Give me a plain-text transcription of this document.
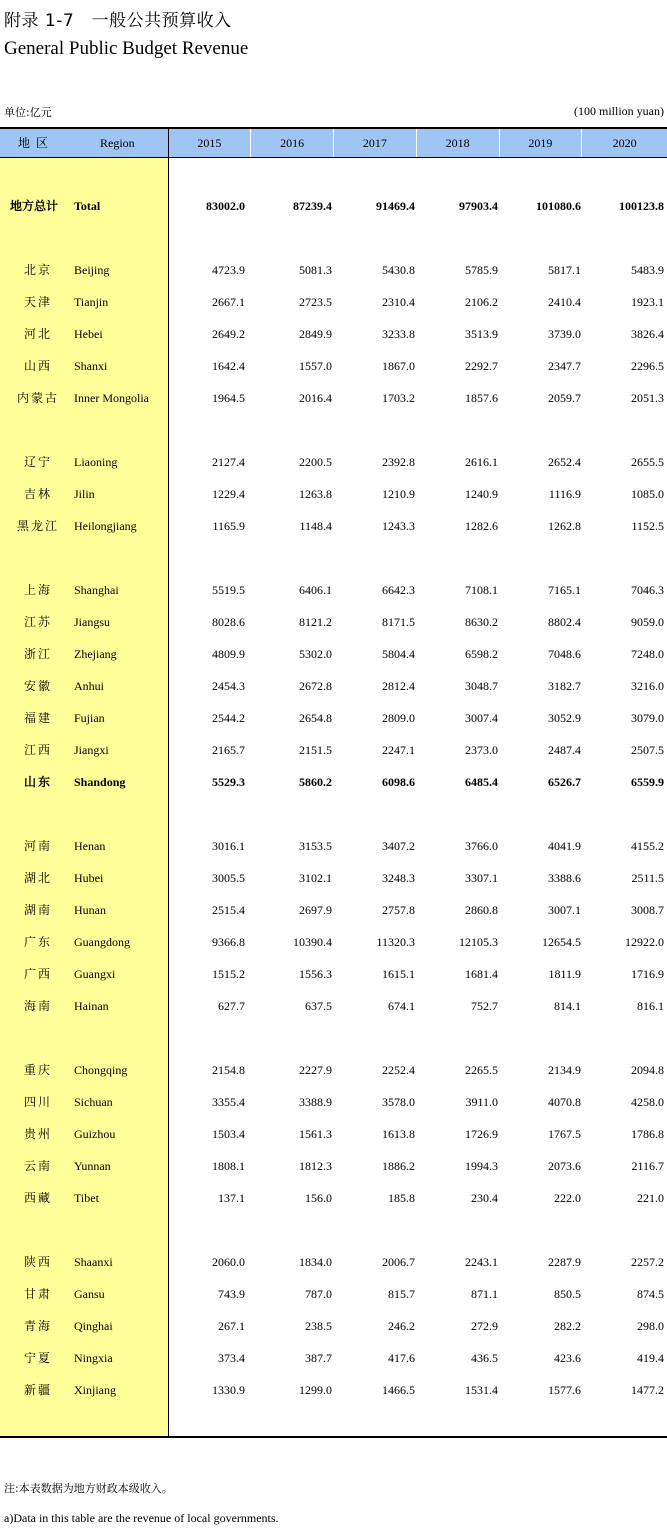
附录 1-7　一般公共预算收入
General Public Budget Revenue
单位:亿元	(100 million yuan)
地区	Region	2015	2016	2017	2018	2019	2020
地方总计	Total	83002.0	87239.4	91469.4	97903.4	101080.6	100123.8
北京	Beijing	4723.9	5081.3	5430.8	5785.9	5817.1	5483.9
天津	Tianjin	2667.1	2723.5	2310.4	2106.2	2410.4	1923.1
河北	Hebei	2649.2	2849.9	3233.8	3513.9	3739.0	3826.4
山西	Shanxi	1642.4	1557.0	1867.0	2292.7	2347.7	2296.5
内蒙古	Inner Mongolia	1964.5	2016.4	1703.2	1857.6	2059.7	2051.3
辽宁	Liaoning	2127.4	2200.5	2392.8	2616.1	2652.4	2655.5
吉林	Jilin	1229.4	1263.8	1210.9	1240.9	1116.9	1085.0
黑龙江	Heilongjiang	1165.9	1148.4	1243.3	1282.6	1262.8	1152.5
上海	Shanghai	5519.5	6406.1	6642.3	7108.1	7165.1	7046.3
江苏	Jiangsu	8028.6	8121.2	8171.5	8630.2	8802.4	9059.0
浙江	Zhejiang	4809.9	5302.0	5804.4	6598.2	7048.6	7248.0
安徽	Anhui	2454.3	2672.8	2812.4	3048.7	3182.7	3216.0
福建	Fujian	2544.2	2654.8	2809.0	3007.4	3052.9	3079.0
江西	Jiangxi	2165.7	2151.5	2247.1	2373.0	2487.4	2507.5
山东	Shandong	5529.3	5860.2	6098.6	6485.4	6526.7	6559.9
河南	Henan	3016.1	3153.5	3407.2	3766.0	4041.9	4155.2
湖北	Hubei	3005.5	3102.1	3248.3	3307.1	3388.6	2511.5
湖南	Hunan	2515.4	2697.9	2757.8	2860.8	3007.1	3008.7
广东	Guangdong	9366.8	10390.4	11320.3	12105.3	12654.5	12922.0
广西	Guangxi	1515.2	1556.3	1615.1	1681.4	1811.9	1716.9
海南	Hainan	627.7	637.5	674.1	752.7	814.1	816.1
重庆	Chongqing	2154.8	2227.9	2252.4	2265.5	2134.9	2094.8
四川	Sichuan	3355.4	3388.9	3578.0	3911.0	4070.8	4258.0
贵州	Guizhou	1503.4	1561.3	1613.8	1726.9	1767.5	1786.8
云南	Yunnan	1808.1	1812.3	1886.2	1994.3	2073.6	2116.7
西藏	Tibet	137.1	156.0	185.8	230.4	222.0	221.0
陕西	Shaanxi	2060.0	1834.0	2006.7	2243.1	2287.9	2257.2
甘肃	Gansu	743.9	787.0	815.7	871.1	850.5	874.5
青海	Qinghai	267.1	238.5	246.2	272.9	282.2	298.0
宁夏	Ningxia	373.4	387.7	417.6	436.5	423.6	419.4
新疆	Xinjiang	1330.9	1299.0	1466.5	1531.4	1577.6	1477.2
注:本表数据为地方财政本级收入。
a)Data in this table are the revenue of local governments.
